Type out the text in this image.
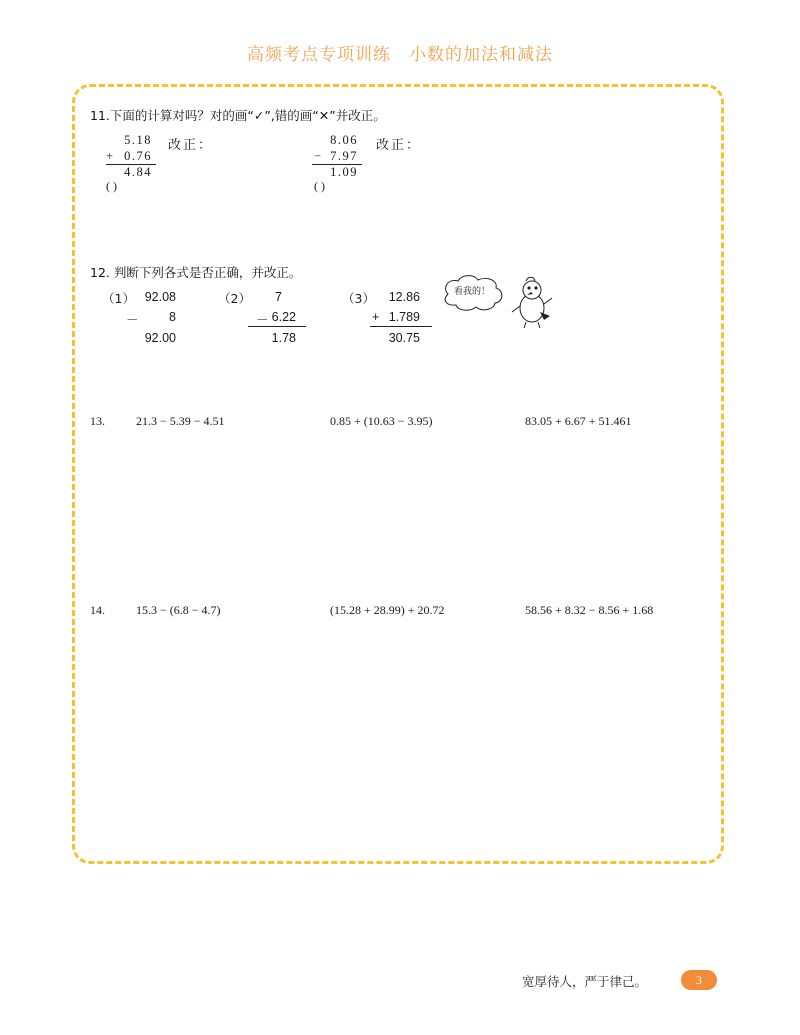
高频考点专项训练　小数的加法和减法
11.下面的计算对吗？对的画“✓”,错的画“✕”并改正。
5.18
+ 0.76
4.84
( )
改正：	8.06
− 7.97
1.09
( )
改正：
12. 判断下列各式是否正确，并改正。
（1） 92.08
－	8
92.00
（2）	7
－ 6.22
1.78
（3）	12.86
+ 1.789
30.75
看我的！
13.	21.3 − 5.39 − 4.51	0.85 + (10.63 − 3.95)	83.05 + 6.67 + 51.461
14.	15.3 − (6.8 − 4.7)	(15.28 + 28.99) + 20.72	58.56 + 8.32 − 8.56 + 1.68
宽厚待人，严于律己。	3
